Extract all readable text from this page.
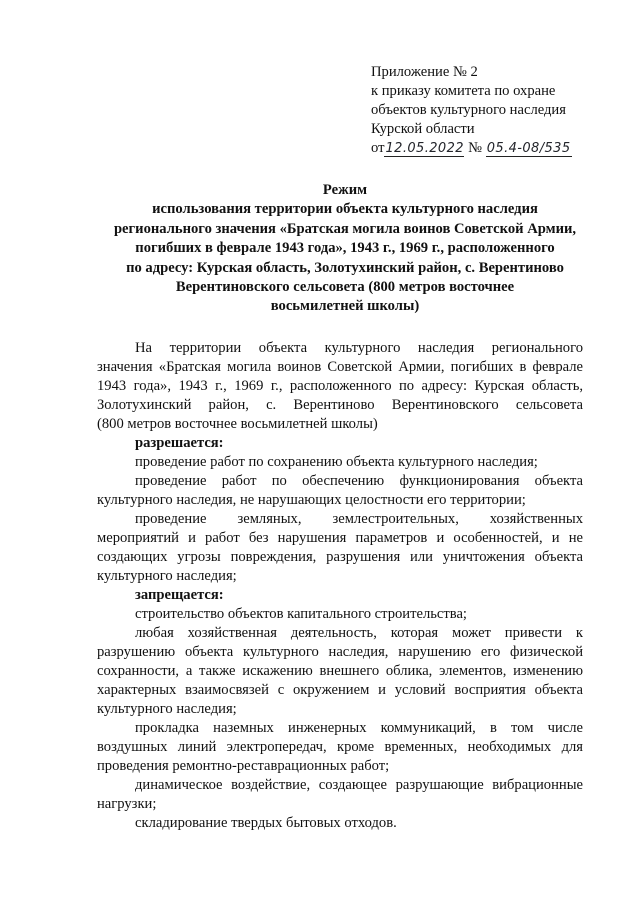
Приложение № 2
к приказу комитета по охране
объектов культурного наследия
Курской области
от12.05.2022 № 05.4-08/535
Режим
использования территории объекта культурного наследия
регионального значения «Братская могила воинов Советской Армии,
погибших в феврале 1943 года», 1943 г., 1969 г., расположенного
по адресу: Курская область, Золотухинский район, с. Верентиново
Верентиновского сельсовета (800 метров восточнее
восьмилетней школы)
На территории объекта культурного наследия регионального
значения «Братская могила воинов Советской Армии, погибших в феврале
1943 года», 1943 г., 1969 г., расположенного по адресу: Курская область,
Золотухинский район, с. Верентиново Верентиновского сельсовета
(800 метров восточнее восьмилетней школы)
разрешается:
проведение работ по сохранению объекта культурного наследия;
проведение работ по обеспечению функционирования объекта
культурного наследия, не нарушающих целостности его территории;
проведение земляных, землестроительных, хозяйственных
мероприятий и работ без нарушения параметров и особенностей, и не
создающих угрозы повреждения, разрушения или уничтожения объекта
культурного наследия;
запрещается:
строительство объектов капитального строительства;
любая хозяйственная деятельность, которая может привести к
разрушению объекта культурного наследия, нарушению его физической
сохранности, а также искажению внешнего облика, элементов, изменению
характерных взаимосвязей с окружением и условий восприятия объекта
культурного наследия;
прокладка наземных инженерных коммуникаций, в том числе
воздушных линий электропередач, кроме временных, необходимых для
проведения ремонтно-реставрационных работ;
динамическое воздействие, создающее разрушающие вибрационные
нагрузки;
складирование твердых бытовых отходов.
